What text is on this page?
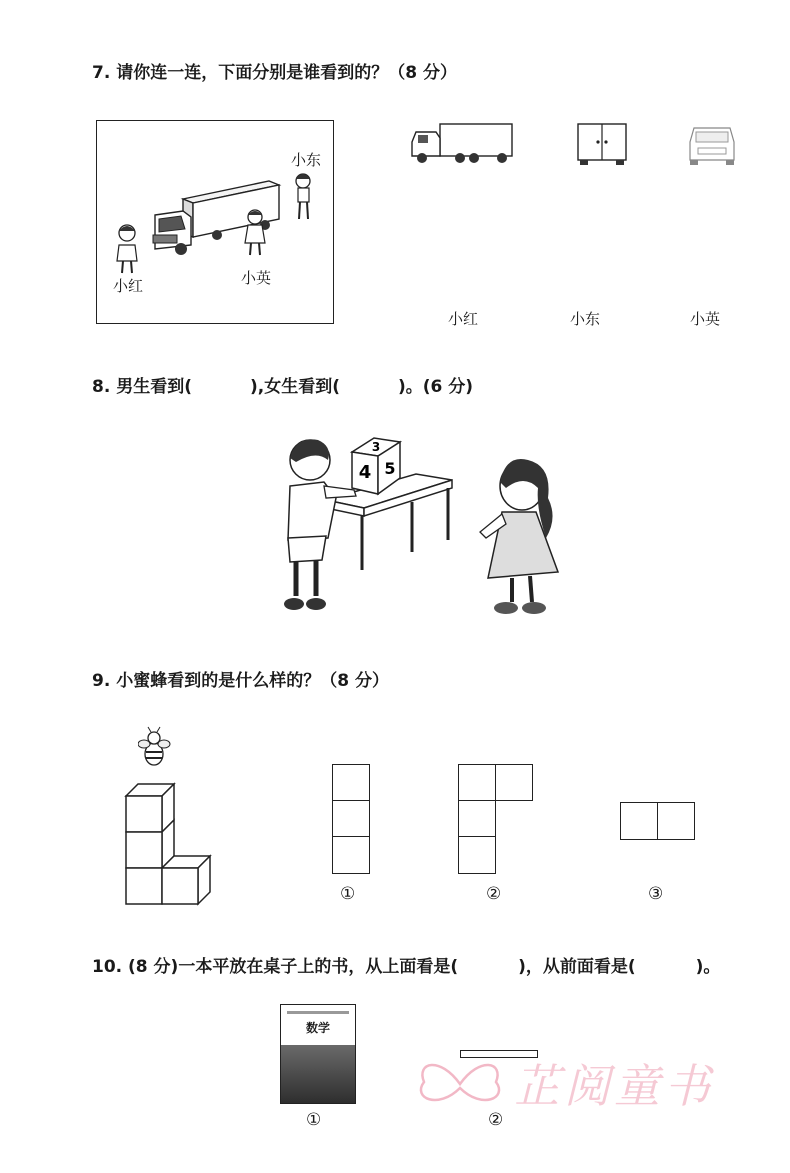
7. 请你连一连，下面分别是谁看到的？（8 分）
小东
小红	小英
小红	小东	小英
8. 男生看到(	),女生看到(	)。(6 分)
3
4 5
9. 小蜜蜂看到的是什么样的？（8 分）
①	②	③
10. (8 分)一本平放在桌子上的书，从上面看是(	)，从前面看是(	)。
数学
①	②
芷阅童书
